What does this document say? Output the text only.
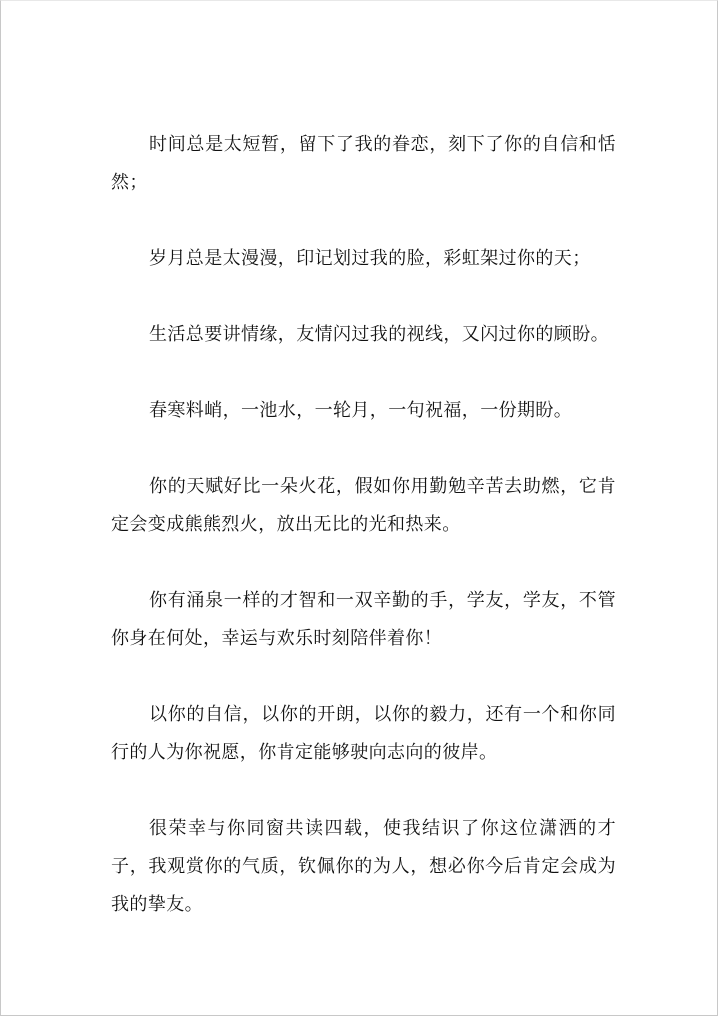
时间总是太短暂，留下了我的眷恋，刻下了你的自信和恬然；

岁月总是太漫漫，印记划过我的脸，彩虹架过你的天；

生活总要讲情缘，友情闪过我的视线，又闪过你的顾盼。

春寒料峭，一池水，一轮月，一句祝福，一份期盼。

你的天赋好比一朵火花，假如你用勤勉辛苦去助燃，它肯定会变成熊熊烈火，放出无比的光和热来。

你有涌泉一样的才智和一双辛勤的手，学友，学友，不管你身在何处，幸运与欢乐时刻陪伴着你！

以你的自信，以你的开朗，以你的毅力，还有一个和你同行的人为你祝愿，你肯定能够驶向志向的彼岸。

很荣幸与你同窗共读四载，使我结识了你这位潇洒的才子，我观赏你的气质，钦佩你的为人，想必你今后肯定会成为我的挚友。
